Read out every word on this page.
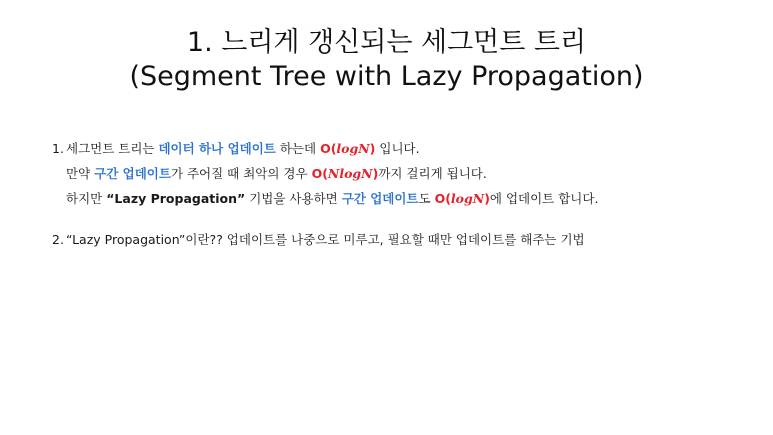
1. 느리게 갱신되는 세그먼트 트리
(Segment Tree with Lazy Propagation)
1. 세그먼트 트리는 데이터 하나 업데이트 하는데 O(logN) 입니다.
만약 구간 업데이트가 주어질 때 최악의 경우 O(NlogN)까지 걸리게 됩니다.
하지만 “Lazy Propagation” 기법을 사용하면 구간 업데이트도 O(logN)에 업데이트 합니다.
2. “Lazy Propagation”이란?? 업데이트를 나중으로 미루고, 필요할 때만 업데이트를 해주는 기법
